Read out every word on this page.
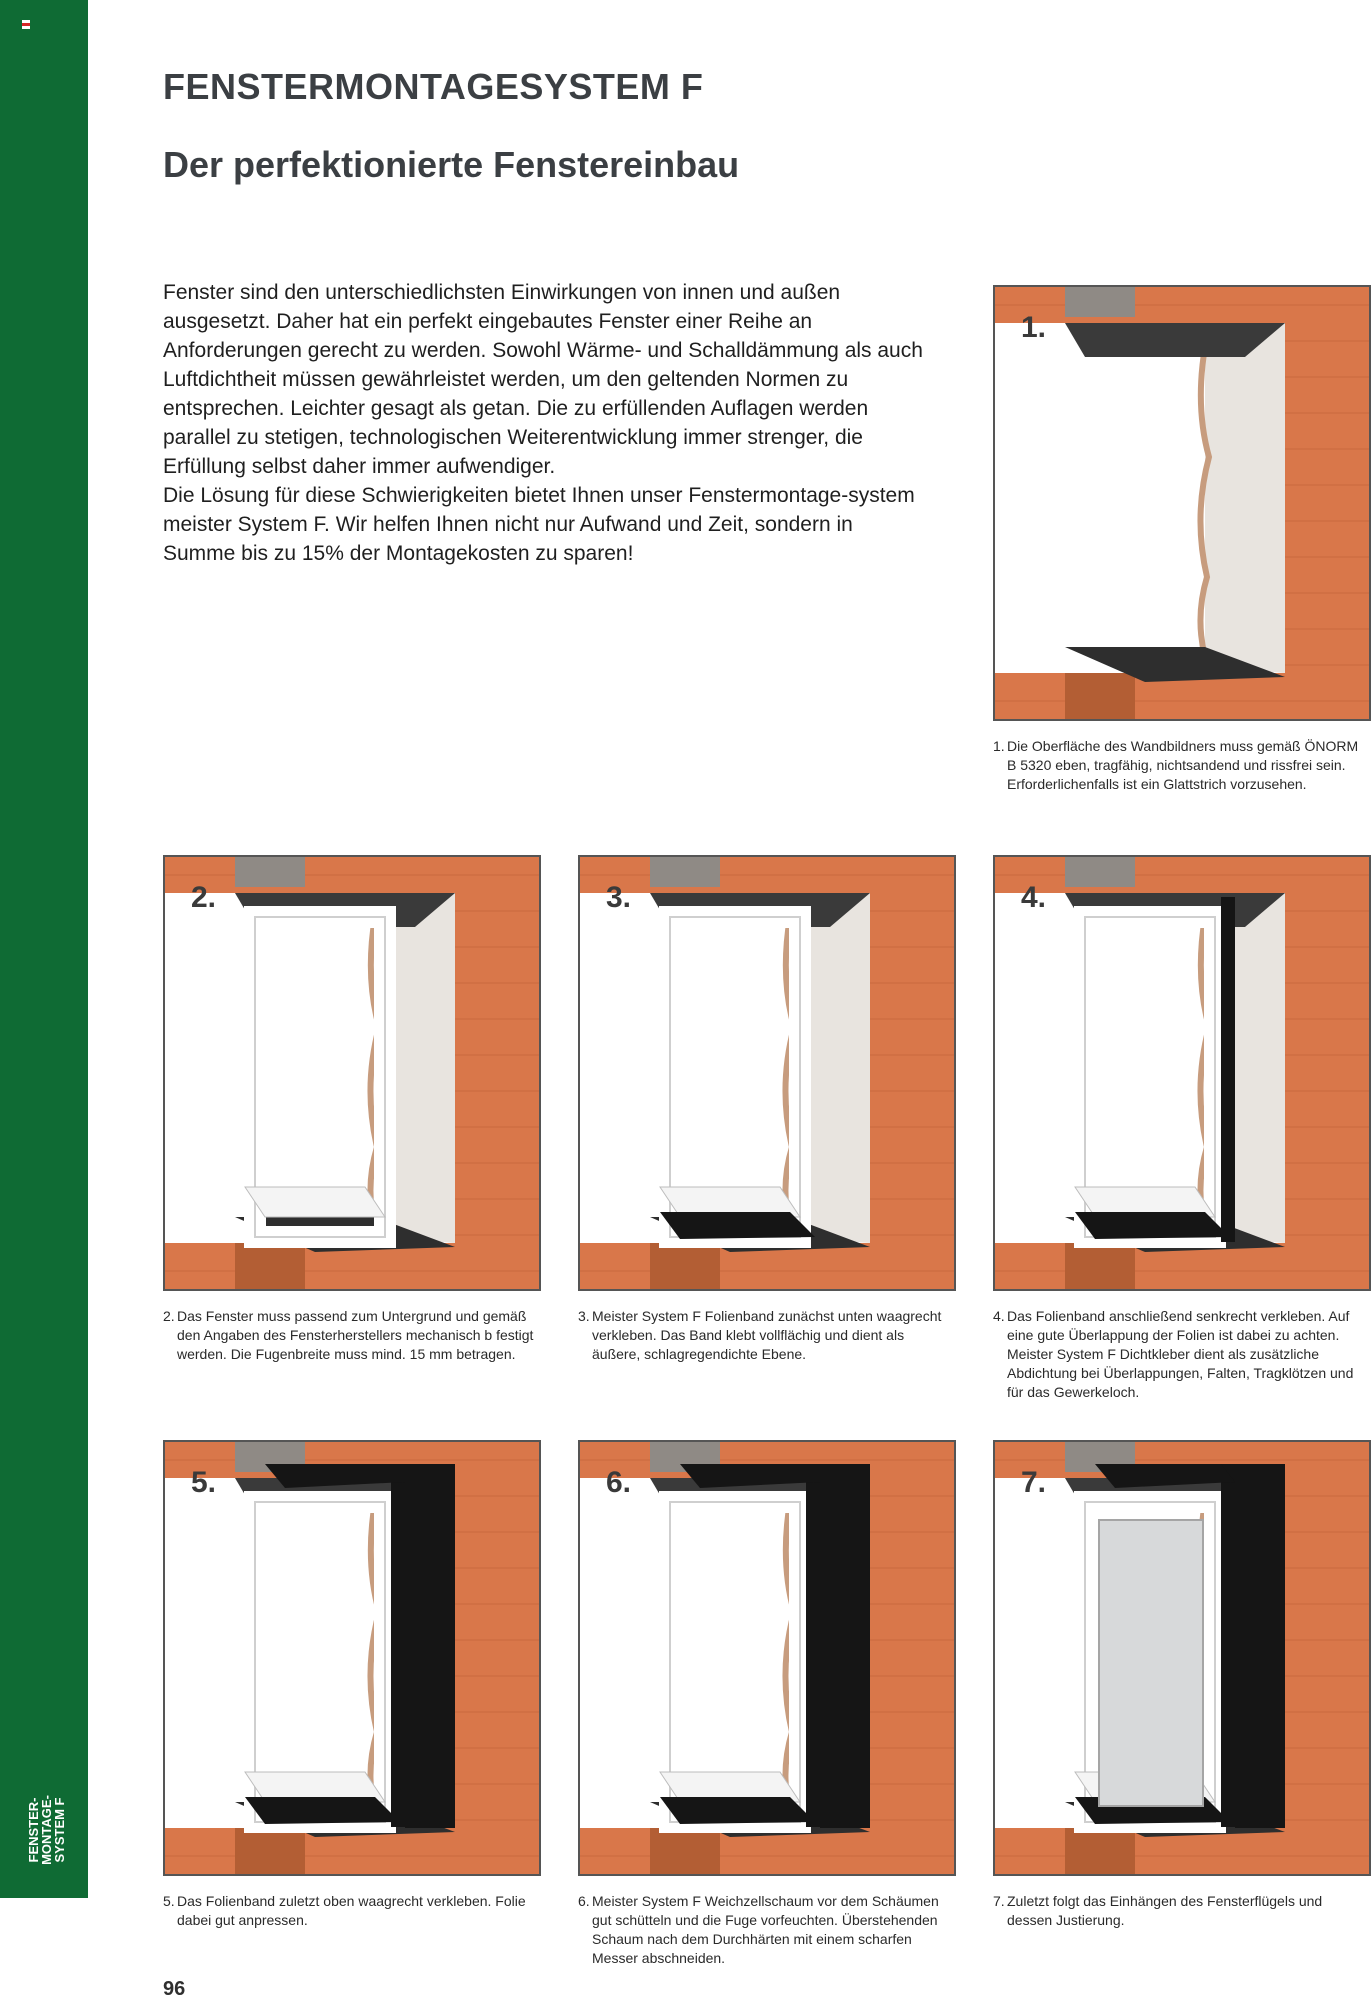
FENSTER-
MONTAGE-
SYSTEM F
FENSTERMONTAGESYSTEM F
Der perfektionierte Fenstereinbau

Fenster sind den unterschiedlichsten Einwirkungen von innen und außen ausgesetzt. Daher hat ein perfekt eingebautes Fenster einer Reihe an Anforderungen gerecht zu werden. Sowohl Wärme- und Schalldämmung als auch Luftdichtheit müssen gewährleistet werden, um den geltenden Normen zu entsprechen. Leichter gesagt als getan. Die zu erfüllenden Auflagen werden parallel zu stetigen, technologischen Weiterentwicklung immer strenger, die Erfüllung selbst daher immer aufwendiger.

Die Lösung für diese Schwierigkeiten bietet Ihnen unser Fenstermontage-system meister System F. Wir helfen Ihnen nicht nur Aufwand und Zeit, sondern in Summe bis zu 15% der Montagekosten zu sparen!

1.
1. Die Oberfläche des Wandbildners muss gemäß ÖNORM B 5320 eben, tragfähig, nichtsandend und rissfrei sein. Erforderlichenfalls ist ein Glattstrich vorzusehen.
2.
2. Das Fenster muss passend zum Untergrund und gemäß den Angaben des Fensterherstellers mechanisch b festigt werden. Die Fugenbreite muss mind. 15 mm betragen.
3.
3. Meister System F Folienband zunächst unten waagrecht verkleben. Das Band klebt vollflächig und dient als äußere, schlagregendichte Ebene.
4.
4. Das Folienband anschließend senkrecht verkleben. Auf eine gute Überlappung der Folien ist dabei zu achten. Meister System F Dichtkleber dient als zusätzliche Abdichtung bei Überlappungen, Falten, Tragklötzen und für das Gewerkeloch.
5.
5. Das Folienband zuletzt oben waagrecht verkleben. Folie dabei gut anpressen.
6.
6. Meister System F Weichzellschaum vor dem Schäumen gut schütteln und die Fuge vorfeuchten. Überstehenden Schaum nach dem Durchhärten mit einem scharfen Messer abschneiden.
7.
7. Zuletzt folgt das Einhängen des Fensterflügels und dessen Justierung.
96
